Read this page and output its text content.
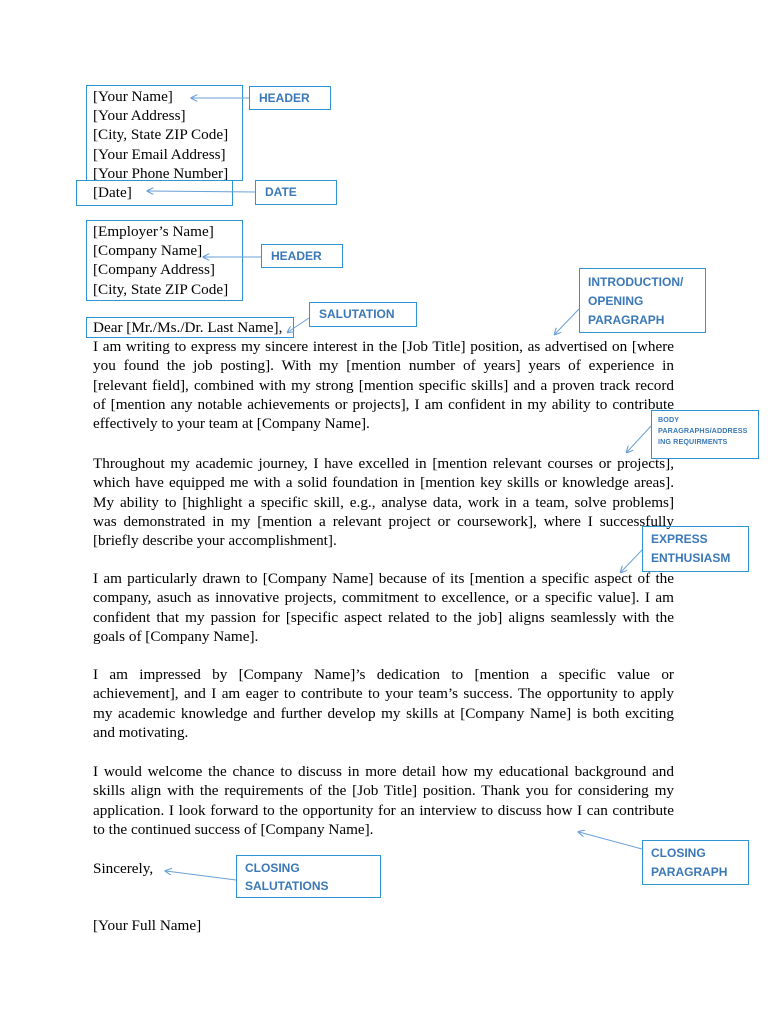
[Your Name]
[Your Address]
[City, State ZIP Code]
[Your Email Address]
[Your Phone Number]
[Date]
[Employer’s Name]
[Company Name]
[Company Address]
[City, State ZIP Code]
Dear [Mr./Ms./Dr. Last Name],
I am writing to express my sincere interest in the [Job Title] position, as advertised on [where
you found the job posting]. With my [mention number of years] years of experience in
[relevant field], combined with my strong [mention specific skills] and a proven track record
of [mention any notable achievements or projects], I am confident in my ability to contribute
effectively to your team at [Company Name].
Throughout my academic journey, I have excelled in [mention relevant courses or projects],
which have equipped me with a solid foundation in [mention key skills or knowledge areas].
My ability to [highlight a specific skill, e.g., analyse data, work in a team, solve problems]
was demonstrated in my [mention a relevant project or coursework], where I successfully
[briefly describe your accomplishment].
I am particularly drawn to [Company Name] because of its [mention a specific aspect of the
company, asuch as innovative projects, commitment to excellence, or a specific value]. I am
confident that my passion for [specific aspect related to the job] aligns seamlessly with the
goals of [Company Name].
I am impressed by [Company Name]’s dedication to [mention a specific value or
achievement], and I am eager to contribute to your team’s success. The opportunity to apply
my academic knowledge and further develop my skills at [Company Name] is both exciting
and motivating.
I would welcome the chance to discuss in more detail how my educational background and
skills align with the requirements of the [Job Title] position. Thank you for considering my
application. I look forward to the opportunity for an interview to discuss how I can contribute
to the continued success of [Company Name].
Sincerely,
[Your Full Name]
HEADER
DATE
HEADER
SALUTATION
INTRODUCTION/
OPENING
PARAGRAPH
BODY
PARAGRAPHS/ADDRESS
ING REQUIRMENTS
EXPRESS
ENTHUSIASM
CLOSING
PARAGRAPH
CLOSING
SALUTATIONS
